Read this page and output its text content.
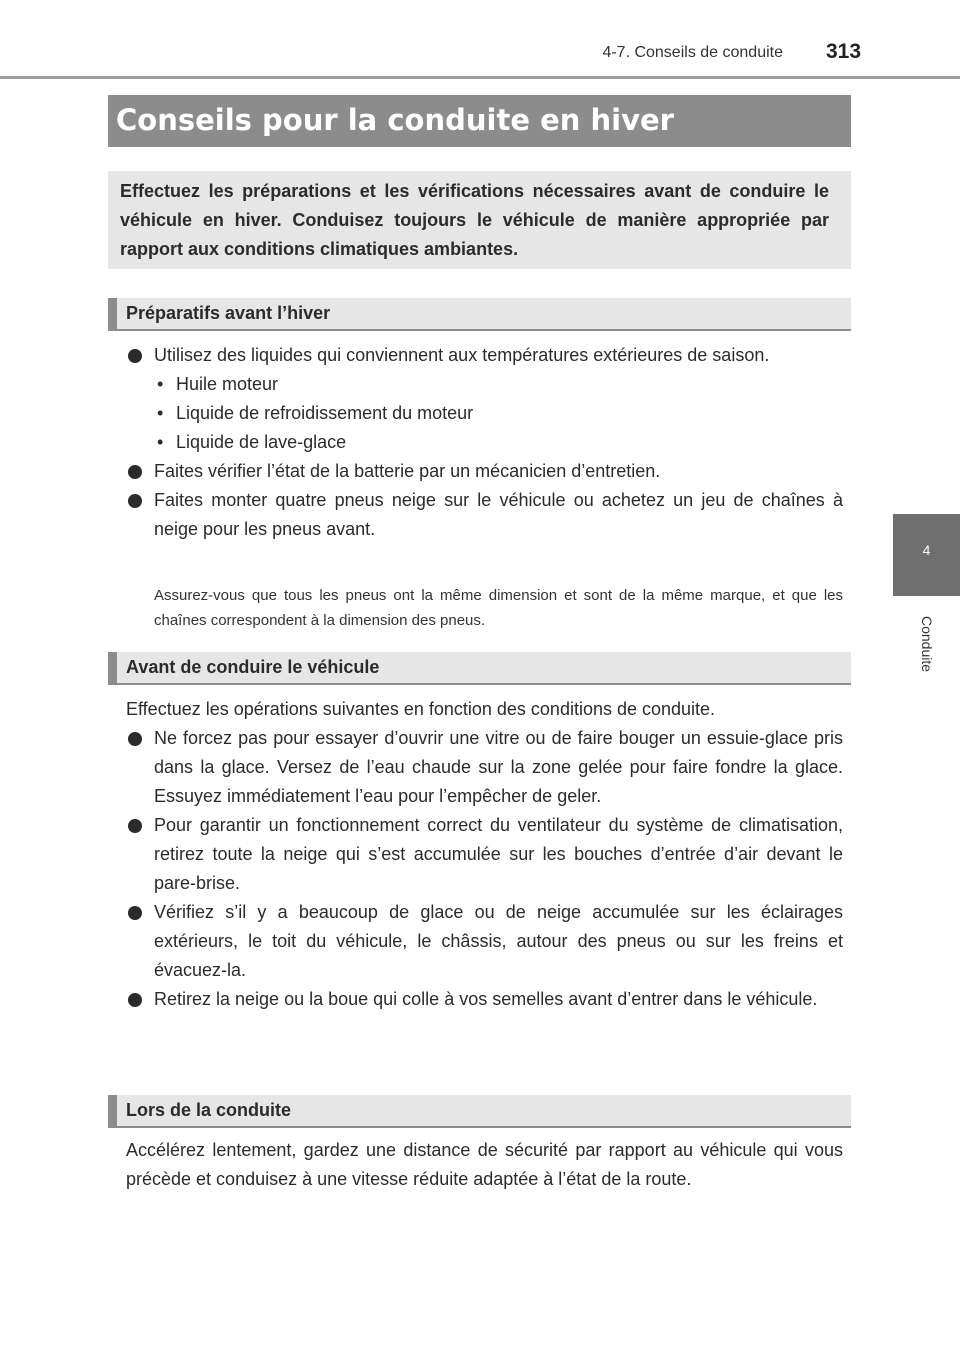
4-7. Conseils de conduite 313
4
Conduite
Conseils pour la conduite en hiver

Effectuez les préparations et les vérifications nécessaires avant de conduire le véhicule en hiver. Conduisez toujours le véhicule de manière appropriée par rapport aux conditions climatiques ambiantes.

Préparatifs avant l’hiver
Utilisez des liquides qui conviennent aux températures extérieures de saison.
• Huile moteur
• Liquide de refroidissement du moteur
• Liquide de lave-glace
Faites vérifier l’état de la batterie par un mécanicien d’entretien.
Faites monter quatre pneus neige sur le véhicule ou achetez un jeu de chaînes à neige pour les pneus avant.
Assurez-vous que tous les pneus ont la même dimension et sont de la même marque, et que les chaînes correspondent à la dimension des pneus.
Avant de conduire le véhicule
Effectuez les opérations suivantes en fonction des conditions de conduite.
Ne forcez pas pour essayer d’ouvrir une vitre ou de faire bouger un essuie-glace pris dans la glace. Versez de l’eau chaude sur la zone gelée pour faire fondre la glace. Essuyez immédiatement l’eau pour l’empêcher de geler.
Pour garantir un fonctionnement correct du ventilateur du système de climatisation, retirez toute la neige qui s’est accumulée sur les bouches d’entrée d’air devant le pare-brise.
Vérifiez s’il y a beaucoup de glace ou de neige accumulée sur les éclairages extérieurs, le toit du véhicule, le châssis, autour des pneus ou sur les freins et évacuez-la.
Retirez la neige ou la boue qui colle à vos semelles avant d’entrer dans le véhicule.
Lors de la conduite
Accélérez lentement, gardez une distance de sécurité par rapport au véhicule qui vous précède et conduisez à une vitesse réduite adaptée à l’état de la route.
